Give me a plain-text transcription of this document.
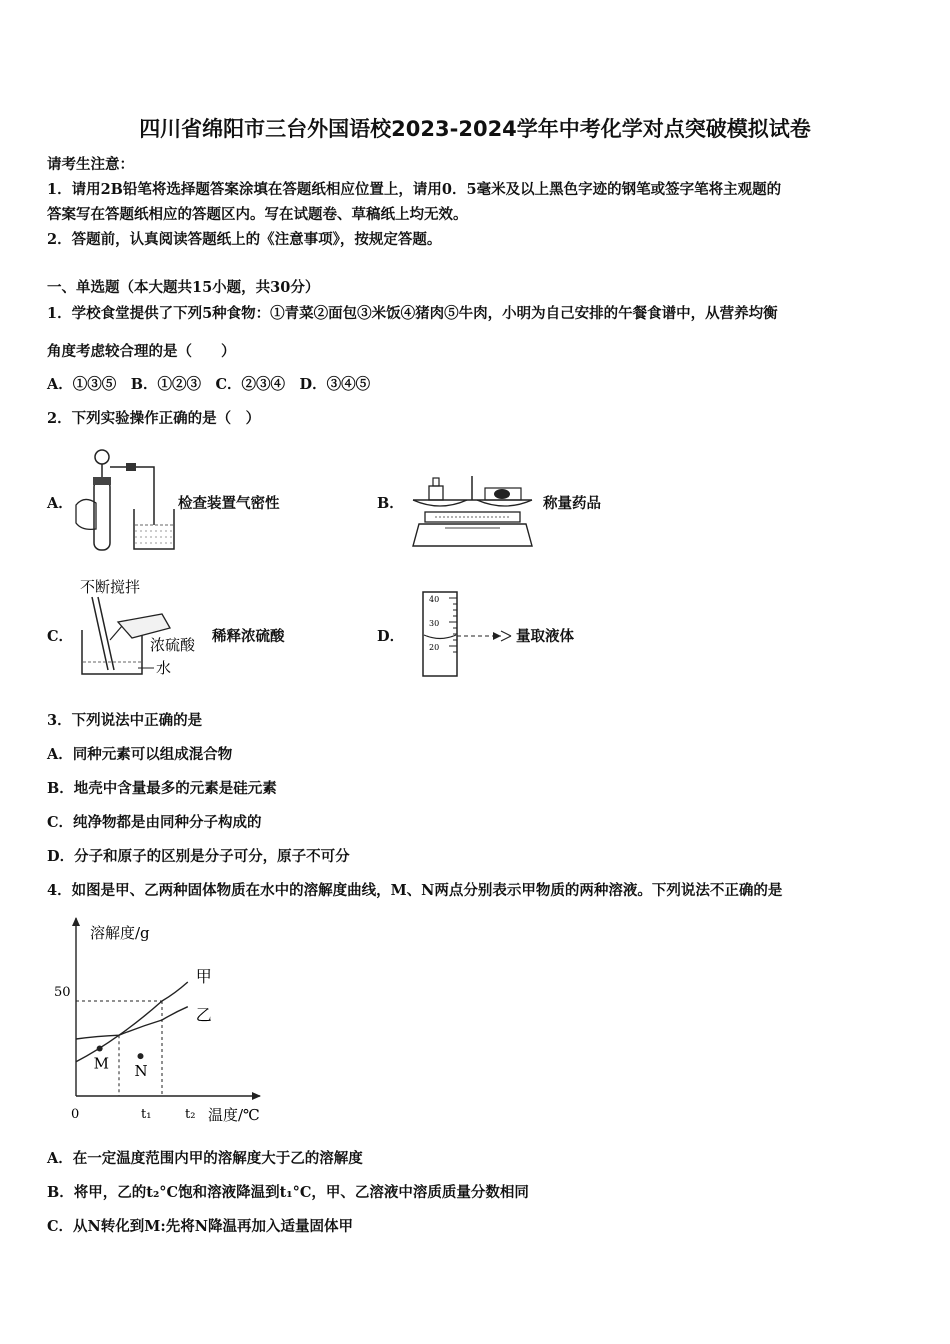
四川省绵阳市三台外国语校2023-2024学年中考化学对点突破模拟试卷
请考生注意：
1．请用2B铅笔将选择题答案涂填在答题纸相应位置上，请用0．5毫米及以上黑色字迹的钢笔或签字笔将主观题的
答案写在答题纸相应的答题区内。写在试题卷、草稿纸上均无效。
2．答题前，认真阅读答题纸上的《注意事项》，按规定答题。
一、单选题（本大题共15小题，共30分）
1．学校食堂提供了下列5种食物：①青菜②面包③米饭④猪肉⑤牛肉，小明为自己安排的午餐食谱中，从营养均衡
角度考虑较合理的是（　　）
A．①③⑤　B．①②③　C．②③④　D．③④⑤
2．下列实验操作正确的是（　）
A．	检查装置气密性	B．	称量药品
C．
不断搅拌
浓硫酸
水
稀释浓硫酸	D．
40
30
20
量取液体
3．下列说法中正确的是
A．同种元素可以组成混合物
B．地壳中含量最多的元素是硅元素
C．纯净物都是由同种分子构成的
D．分子和原子的区别是分子可分，原子不可分
4．如图是甲、乙两种固体物质在水中的溶解度曲线，M、N两点分别表示甲物质的两种溶液。下列说法不正确的是
溶解度/g
温度/℃
0
50
t₁	t₂
甲
乙
M N
A．在一定温度范围内甲的溶解度大于乙的溶解度
B．将甲，乙的t₂°C饱和溶液降温到t₁°C，甲、乙溶液中溶质质量分数相同
C．从N转化到M:先将N降温再加入适量固体甲
